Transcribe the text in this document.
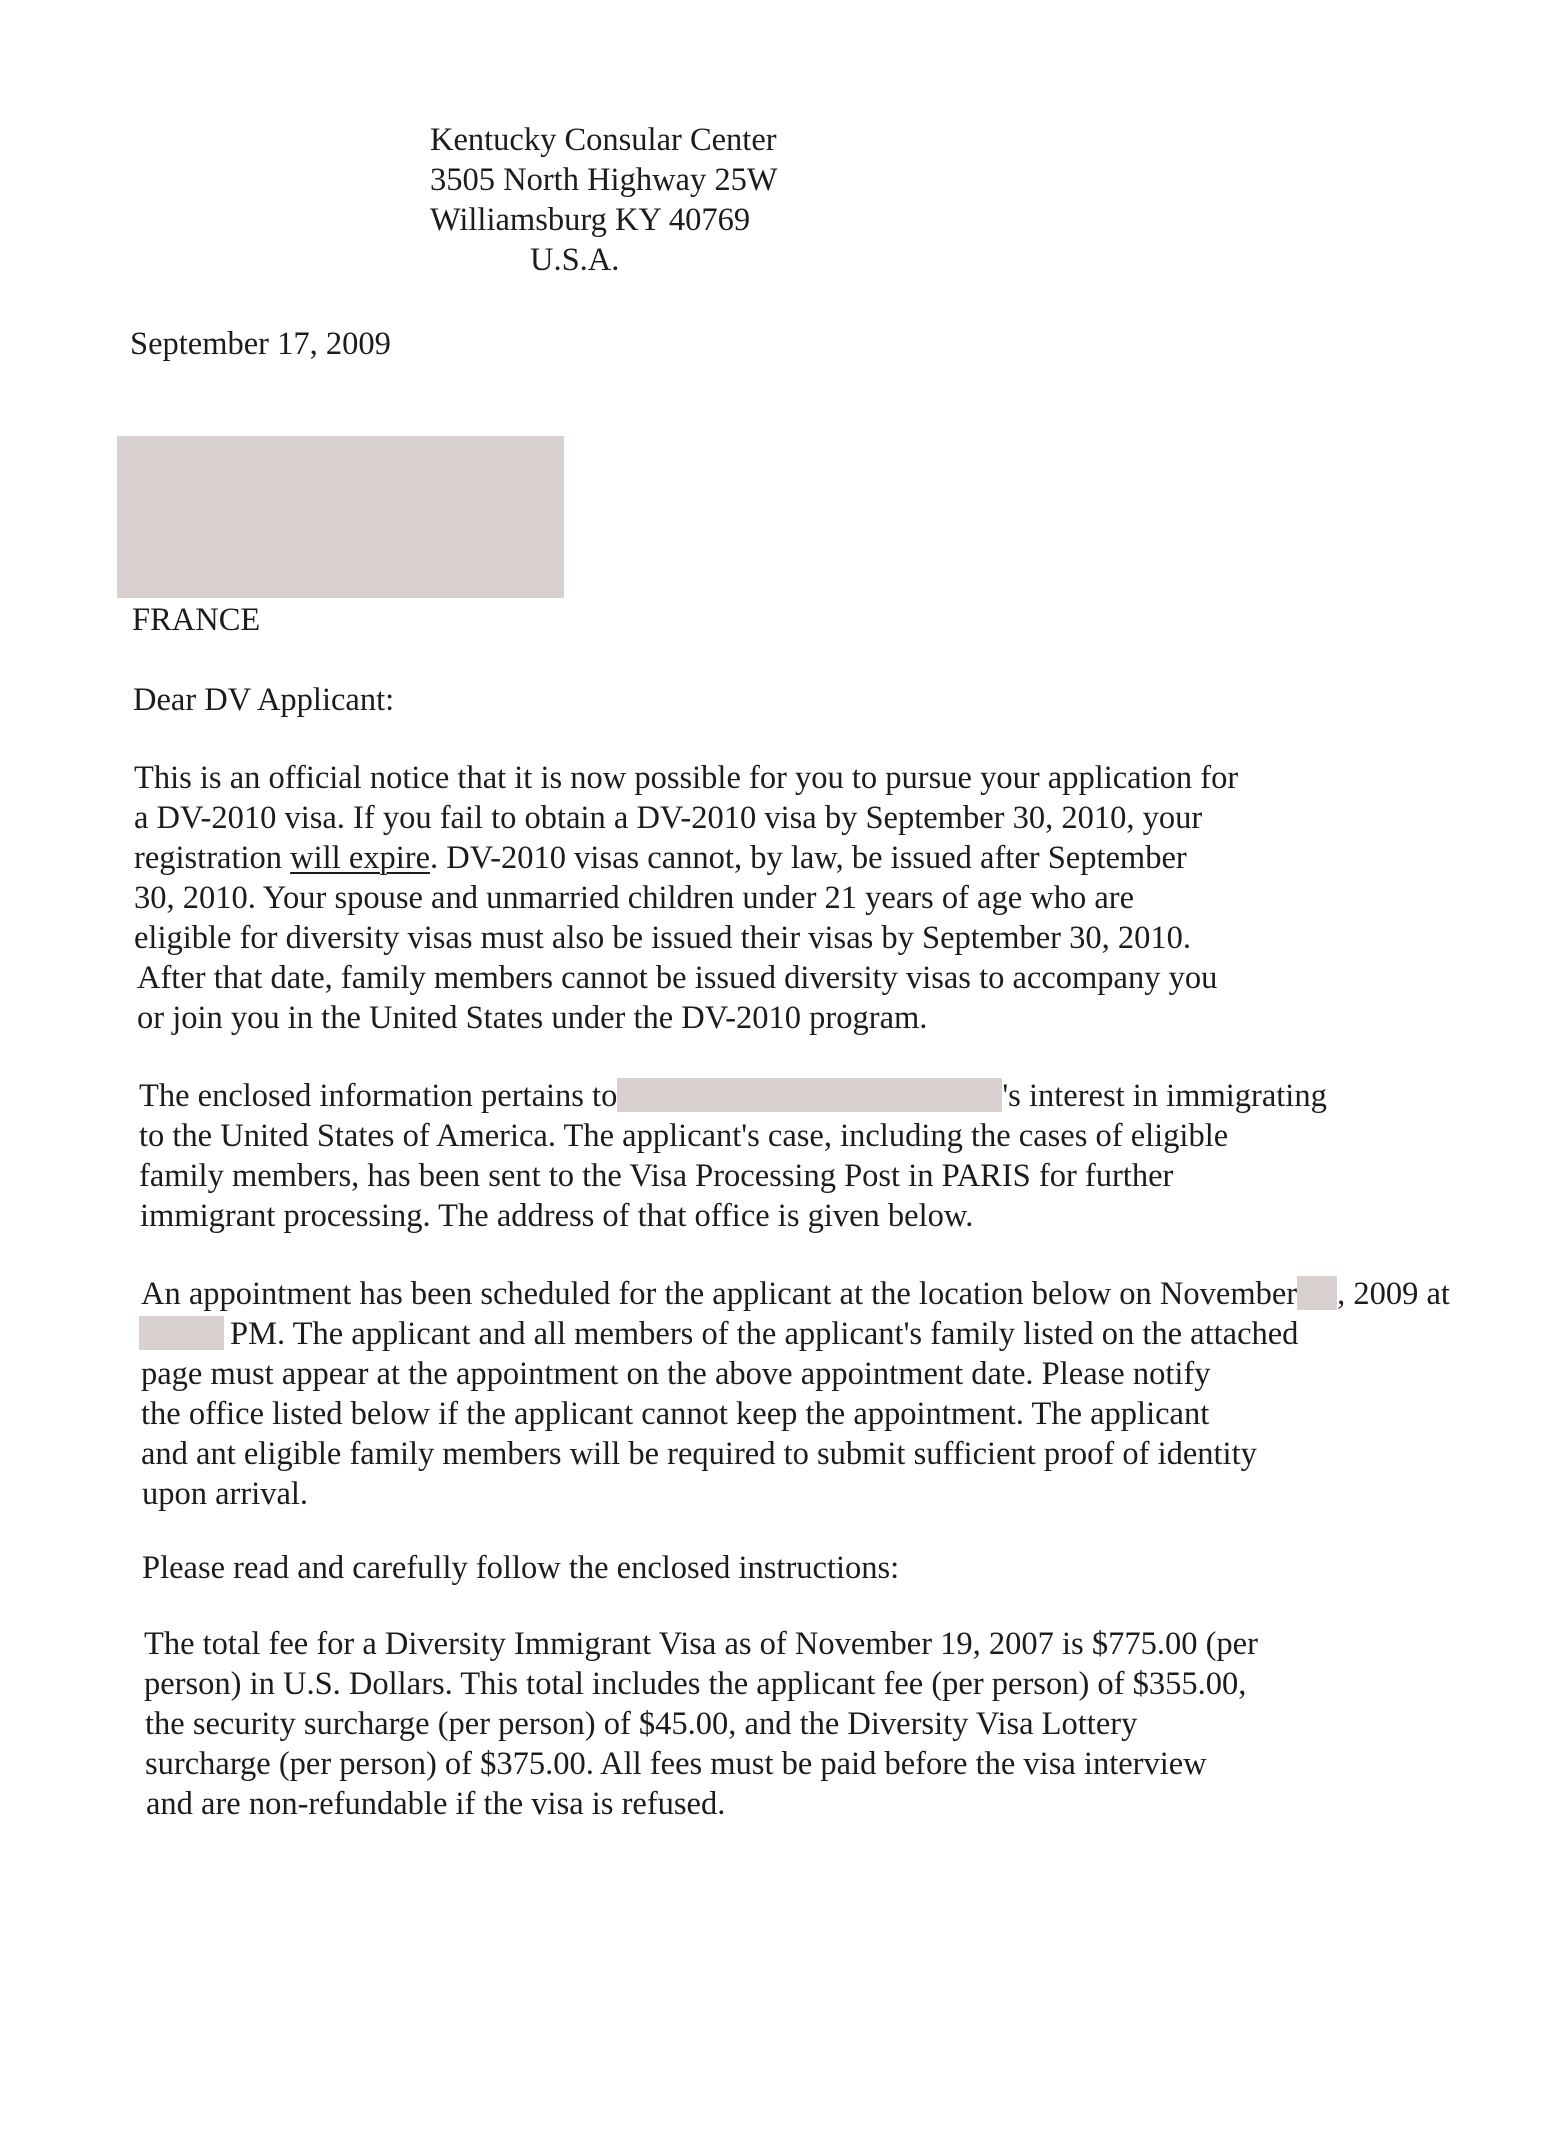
Kentucky Consular Center
3505 North Highway 25W
Williamsburg KY 40769
U.S.A.
September 17, 2009
FRANCE
Dear DV Applicant:
This is an official notice that it is now possible for you to pursue your application for
a DV-2010 visa. If you fail to obtain a DV-2010 visa by September 30, 2010, your
registration will expire. DV-2010 visas cannot, by law, be issued after September
30, 2010. Your spouse and unmarried children under 21 years of age who are
eligible for diversity visas must also be issued their visas by September 30, 2010.
After that date, family members cannot be issued diversity visas to accompany you
or join you in the United States under the DV-2010 program.
The enclosed information pertains to	's interest in immigrating
to the United States of America. The applicant's case, including the cases of eligible
family members, has been sent to the Visa Processing Post in PARIS for further
immigrant processing. The address of that office is given below.
An appointment has been scheduled for the applicant at the location below on November , 2009 at
PM. The applicant and all members of the applicant's family listed on the attached
page must appear at the appointment on the above appointment date. Please notify
the office listed below if the applicant cannot keep the appointment. The applicant
and ant eligible family members will be required to submit sufficient proof of identity
upon arrival.
Please read and carefully follow the enclosed instructions:
The total fee for a Diversity Immigrant Visa as of November 19, 2007 is $775.00 (per
person) in U.S. Dollars. This total includes the applicant fee (per person) of $355.00,
the security surcharge (per person) of $45.00, and the Diversity Visa Lottery
surcharge (per person) of $375.00. All fees must be paid before the visa interview
and are non-refundable if the visa is refused.
